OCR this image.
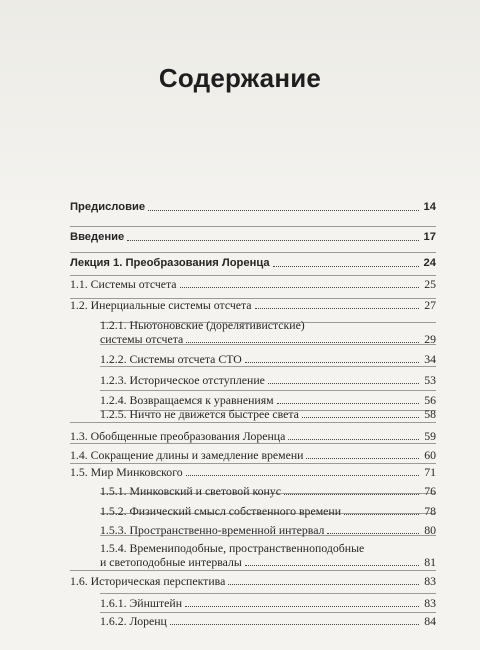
Содержание
Предисловие	14
Введение	17
Лекция 1. Преобразования Лоренца	24
1.1. Системы отсчета	25
1.2. Инерциальные системы отсчета	27
1.2.1. Ньютоновские (дорелятивистские)
системы отсчета	29
1.2.2. Системы отсчета СТО	34
1.2.3. Историческое отступление	53
1.2.4. Возвращаемся к уравнениям	56
1.2.5. Ничто не движется быстрее света	58
1.3. Обобщенные преобразования Лоренца	59
1.4. Сокращение длины и замедление времени	60
1.5. Мир Минковского	71
1.5.1. Минковский и световой конус	76
1.5.2. Физический смысл собственного времени	78
1.5.3. Пространственно-временной интервал	80
1.5.4. Времениподобные, пространственноподобные
и светоподобные интервалы	81
1.6. Историческая перспектива	83
1.6.1. Эйнштейн	83
1.6.2. Лоренц	84
